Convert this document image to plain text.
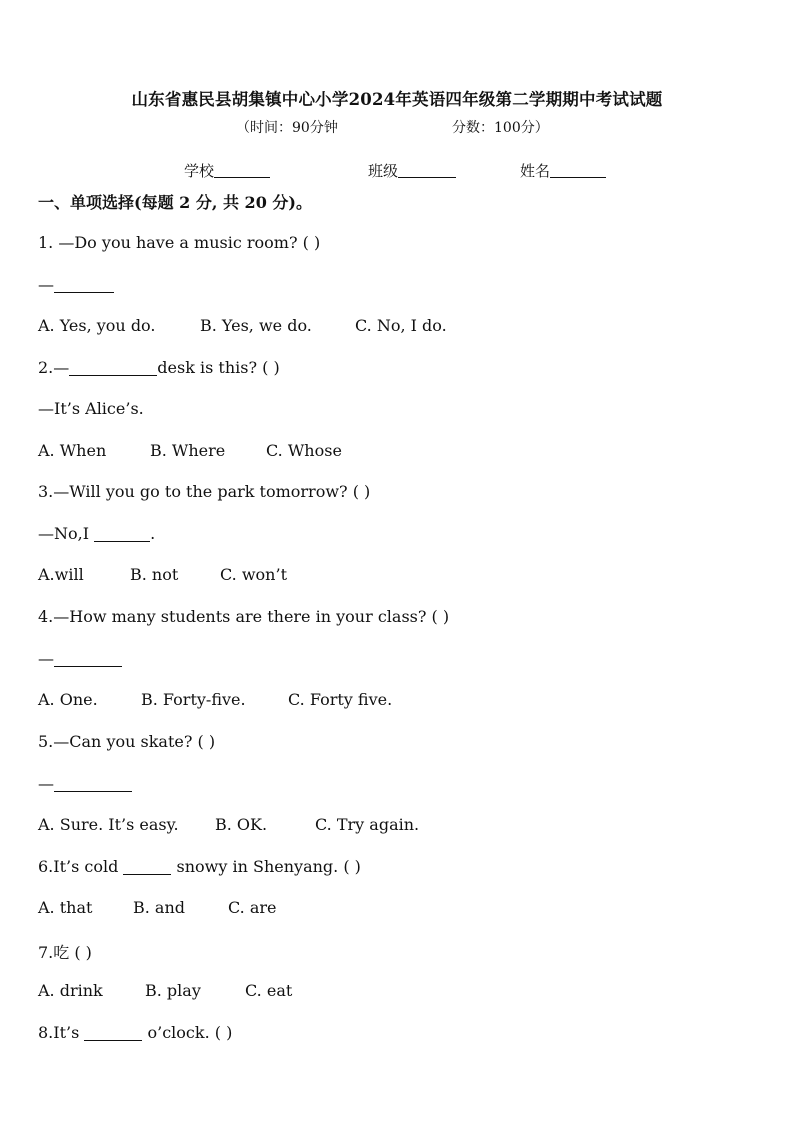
山东省惠民县胡集镇中心小学2024年英语四年级第二学期期中考试试题
（时间：90分钟	分数：100分）
学校	班级	姓名
一、单项选择(每题 2 分, 共 20 分)。
1. —Do you have a music room? ( )
—
A. Yes, you do.	B. Yes, we do.	C. No, I do.
2.—	desk is this? ( )
—It’s Alice’s.
A. When	B. Where	C. Whose
3.—Will you go to the park tomorrow? ( )
—No,I	.
A.will	B. not	C. won’t
4.—How many students are there in your class? ( )
—
A. One.	B. Forty-five.	C. Forty five.
5.—Can you skate? ( )
—
A. Sure. It’s easy. B. OK.	C. Try again.
6.It’s cold	snowy in Shenyang. ( )
A. that	B. and	C. are
7.吃 ( )
A. drink	B. play	C. eat
8.It’s	o’clock. ( )
